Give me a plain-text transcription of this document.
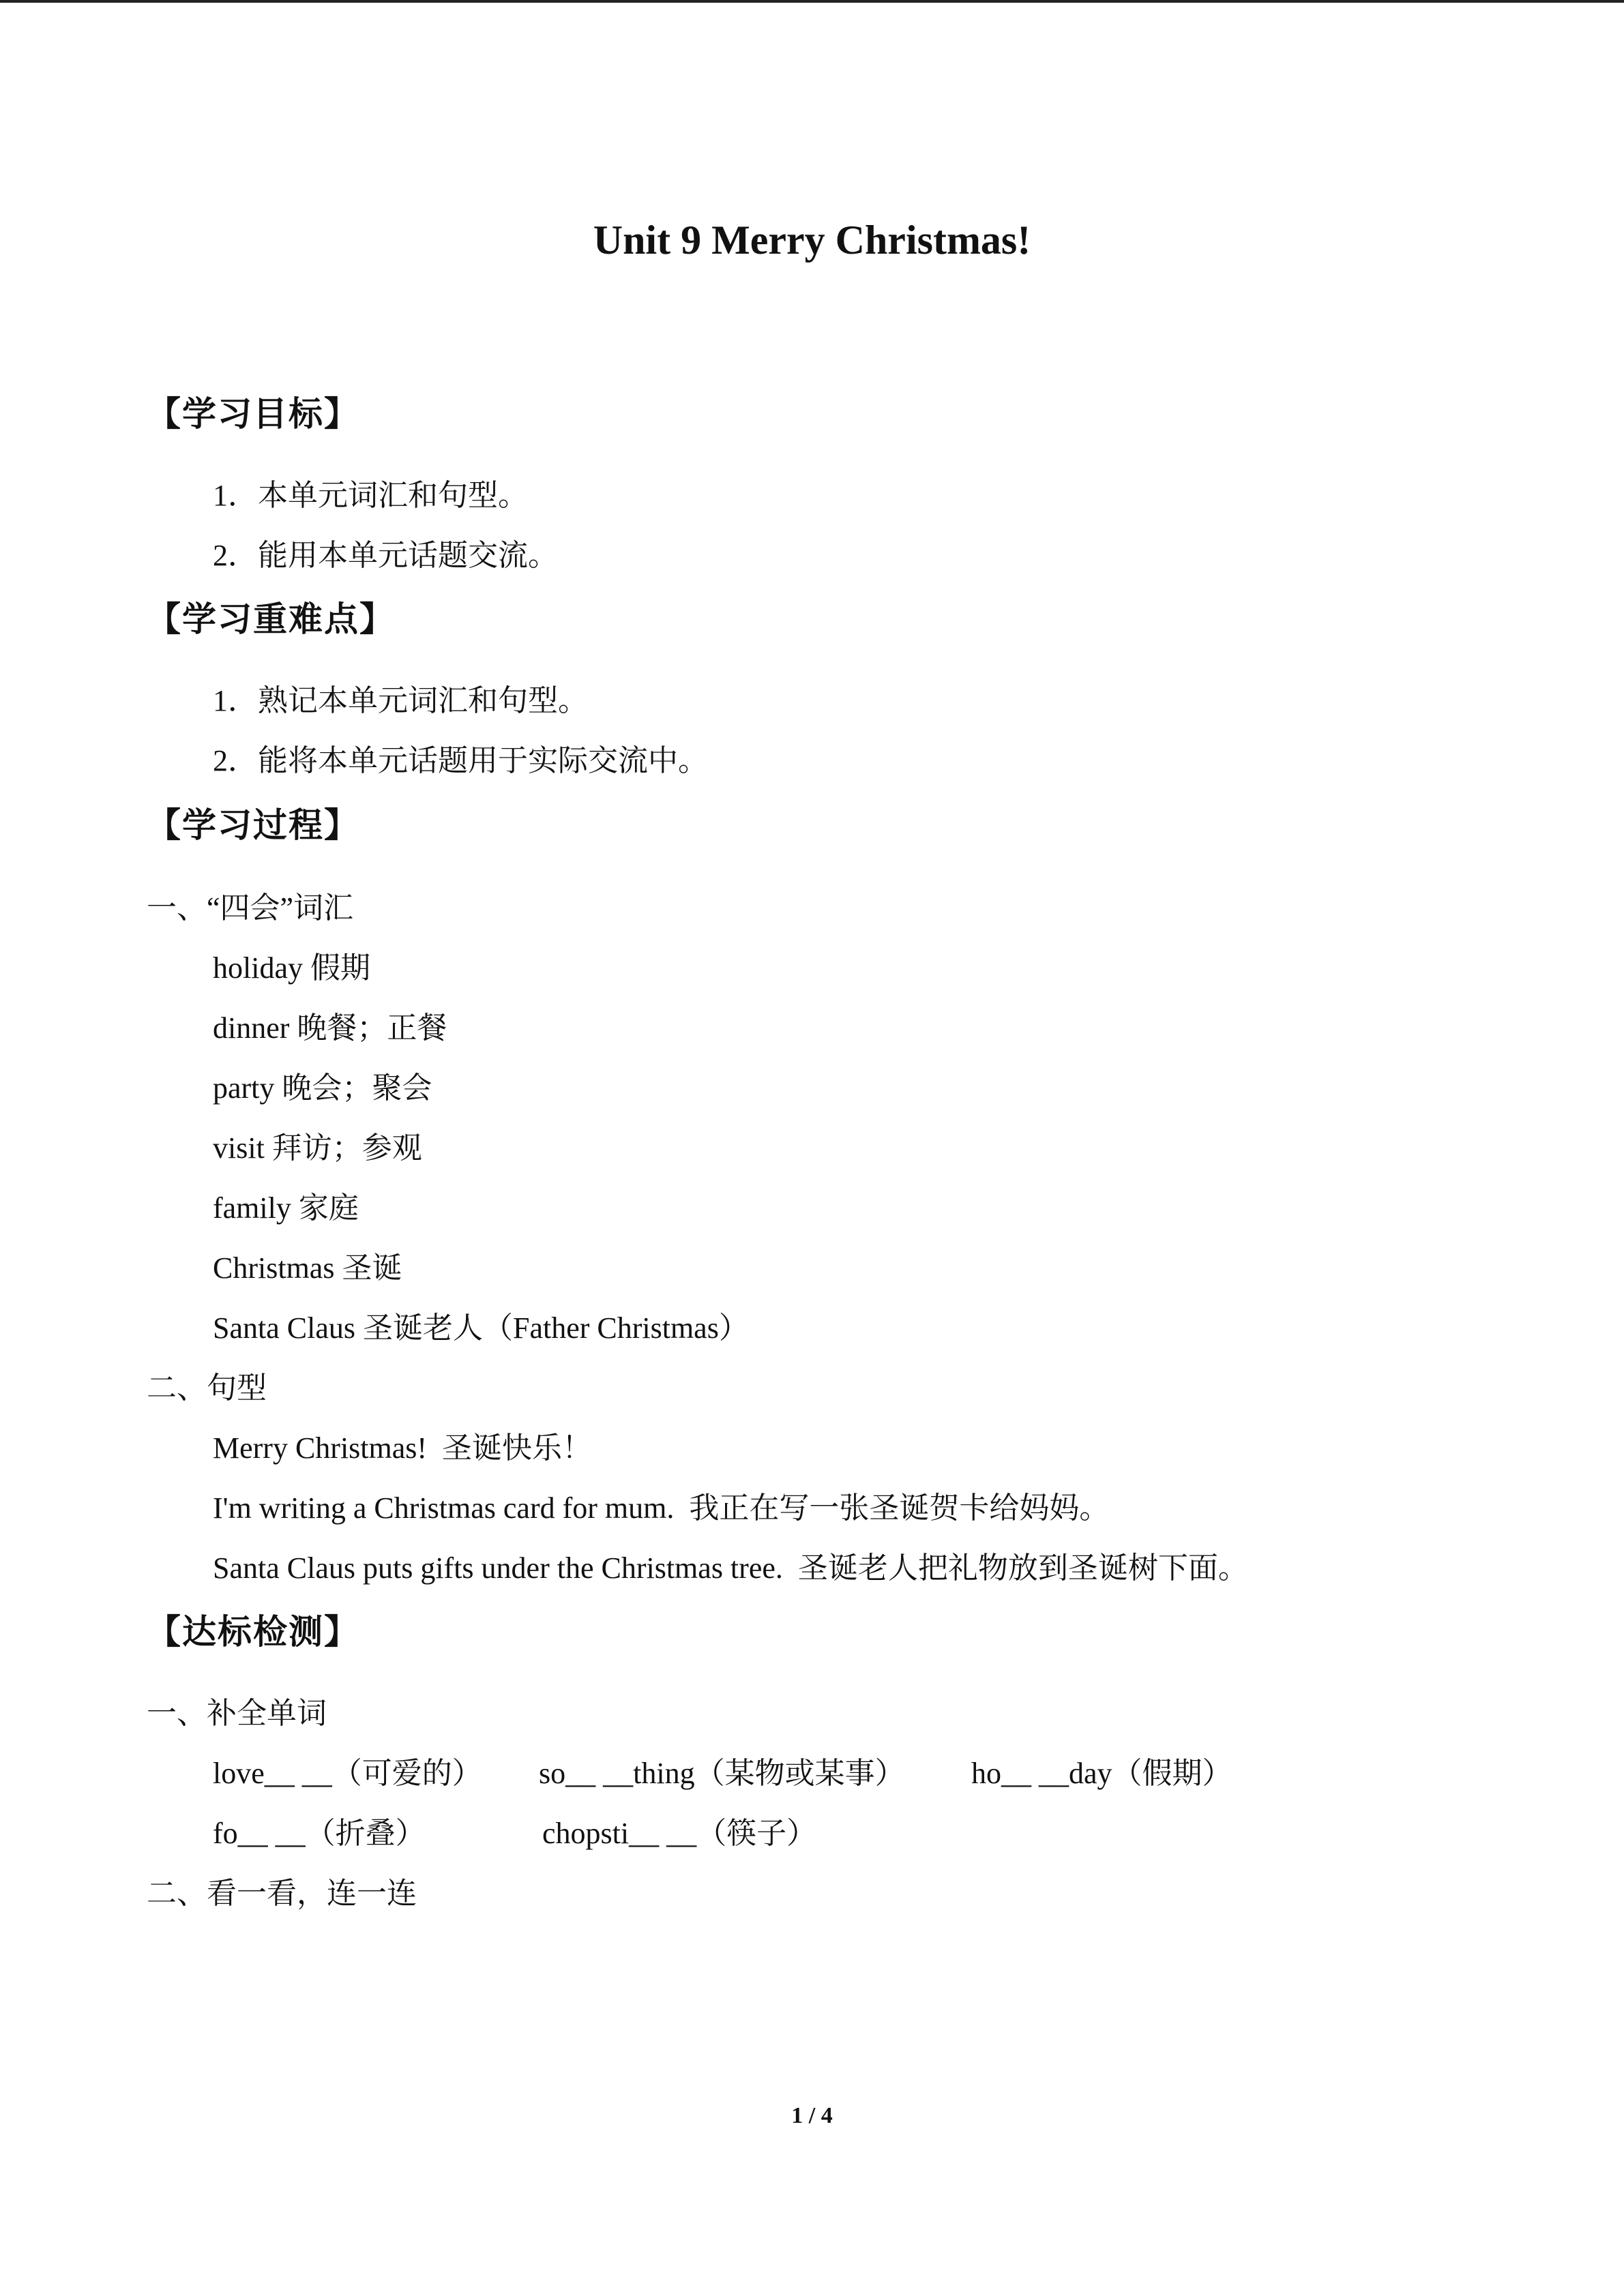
Unit 9 Merry Christmas!
【学习目标】
1．本单元词汇和句型。
2．能用本单元话题交流。
【学习重难点】
1．熟记本单元词汇和句型。
2．能将本单元话题用于实际交流中。
【学习过程】
一、“四会”词汇
holiday 假期
dinner 晚餐；正餐
party 晚会；聚会
visit 拜访；参观
family 家庭
Christmas 圣诞
Santa Claus 圣诞老人（Father Christmas）
二、句型
Merry Christmas!  圣诞快乐！
I'm writing a Christmas card for mum.  我正在写一张圣诞贺卡给妈妈。
Santa Claus puts gifts under the Christmas tree.  圣诞老人把礼物放到圣诞树下面。
【达标检测】
一、补全单词

love__ __（可爱的）

so__ __thing（某物或某事）

ho__ __day（假期）

fo__ __（折叠）

	chopsti__ __（筷子）

二、看一看，连一连
1 / 4
